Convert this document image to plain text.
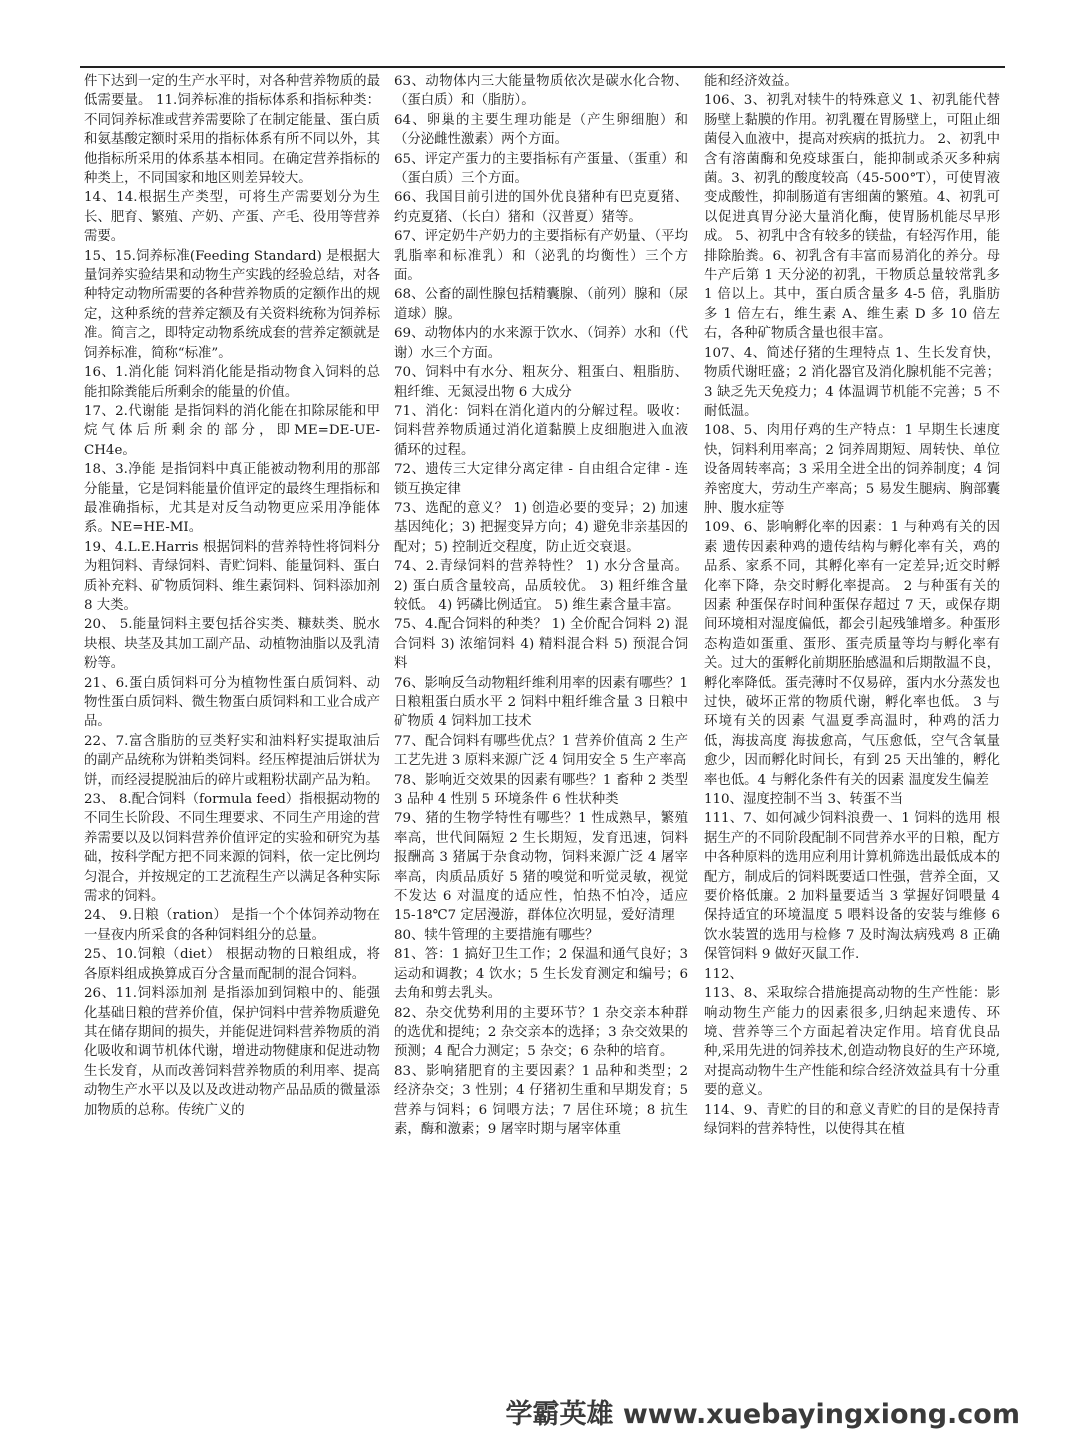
件下达到一定的生产水平时，对各种营养物质的最低需要量。 11.饲养标准的指标体系和指标种类：不同饲养标准或营养需要除了在制定能量、蛋白质和氨基酸定额时采用的指标体系有所不同以外，其他指标所采用的体系基本相同。在确定营养指标的种类上，不同国家和地区则差异较大。

14、14.根据生产类型，可将生产需要划分为生长、肥育、繁殖、产奶、产蛋、产毛、役用等营养需要。

15、15.饲养标准(Feeding Standard) 是根据大量饲养实验结果和动物生产实践的经验总结，对各种特定动物所需要的各种营养物质的定额作出的规定，这种系统的营养定额及有关资料统称为饲养标准。简言之，即特定动物系统成套的营养定额就是饲养标准，简称“标准”。

16、1.消化能 饲料消化能是指动物食入饲料的总能扣除粪能后所剩余的能量的价值。

17、2.代谢能 是指饲料的消化能在扣除尿能和甲烷气体后所剩余的部分，即ME=DE-UE-CH4e。

18、3.净能 是指饲料中真正能被动物利用的那部分能量，它是饲料能量价值评定的最终生理指标和最准确指标，尤其是对反刍动物更应采用净能体系。NE=HE-MI。

19、4.L.E.Harris 根据饲料的营养特性将饲料分为粗饲料、青绿饲料、青贮饲料、能量饲料、蛋白质补充料、矿物质饲料、维生素饲料、饲料添加剂 8 大类。

20、 5.能量饲料主要包括谷实类、糠麸类、脱水块根、块茎及其加工副产品、动植物油脂以及乳清粉等。

21、6.蛋白质饲料可分为植物性蛋白质饲料、动物性蛋白质饲料、微生物蛋白质饲料和工业合成产品。

22、7.富含脂肪的豆类籽实和油料籽实提取油后的副产品统称为饼粕类饲料。经压榨提油后饼状为饼，而经浸提脱油后的碎片或粗粉状副产品为粕。

23、 8.配合饲料（formula feed）指根据动物的不同生长阶段、不同生理要求、不同生产用途的营养需要以及以饲料营养价值评定的实验和研究为基础，按科学配方把不同来源的饲料，依一定比例均匀混合，并按规定的工艺流程生产以满足各种实际需求的饲料。

24、 9.日粮（ration） 是指一个个体饲养动物在一昼夜内所采食的各种饲料组分的总量。

25、10.饲粮（diet） 根据动物的日粮组成，将各原料组成换算成百分含量而配制的混合饲料。

26、11.饲料添加剂 是指添加到饲粮中的、能强化基础日粮的营养价值，保护饲料中营养物质避免其在储存期间的损失，并能促进饲料营养物质的消化吸收和调节机体代谢，增进动物健康和促进动物生长发育，从而改善饲料营养物质的利用率、提高动物生产水平以及以及改进动物产品品质的微量添加物质的总称。传统广义的

63、动物体内三大能量物质依次是碳水化合物、（蛋白质）和（脂肪）。

64、卵巢的主要生理功能是（产生卵细胞）和（分泌雌性激素）两个方面。

65、评定产蛋力的主要指标有产蛋量、（蛋重）和（蛋白质）三个方面。

66、我国目前引进的国外优良猪种有巴克夏猪、约克夏猪、（长白）猪和（汉普夏）猪等。

67、评定奶牛产奶力的主要指标有产奶量、（平均乳脂率和标准乳）和（泌乳的均衡性）三个方面。

68、公畜的副性腺包括精囊腺、（前列）腺和（尿道球）腺。

69、动物体内的水来源于饮水、（饲养）水和（代谢）水三个方面。

70、饲料中有水分、粗灰分、粗蛋白、粗脂肪、粗纤维、无氮浸出物 6 大成分

71、消化：饲料在消化道内的分解过程。吸收：饲料营养物质通过消化道黏膜上皮细胞进入血液循环的过程。

72、遗传三大定律分离定律 - 自由组合定律 - 连锁互换定律

73、选配的意义？ 1) 创造必要的变异；2) 加速基因纯化；3) 把握变异方向；4) 避免非亲基因的配对；5) 控制近交程度，防止近交衰退。

74、2.青绿饲料的营养特性？ 1) 水分含量高。 2) 蛋白质含量较高，品质较优。 3) 粗纤维含量较低。 4) 钙磷比例适宜。 5) 维生素含量丰富。

75、4.配合饲料的种类？ 1) 全价配合饲料 2) 混合饲料 3) 浓缩饲料 4) 精料混合料 5) 预混合饲料

76、影响反刍动物粗纤维利用率的因素有哪些？1 日粮粗蛋白质水平 2 饲料中粗纤维含量 3 日粮中矿物质 4 饲料加工技术

77、配合饲料有哪些优点？1 营养价值高 2 生产工艺先进 3 原料来源广泛 4 饲用安全 5 生产率高

78、影响近交效果的因素有哪些？1 畜种 2 类型 3 品种 4 性别 5 环境条件 6 性状种类

79、猪的生物学特性有哪些？1 性成熟早，繁殖率高，世代间隔短 2 生长期短，发育迅速，饲料报酬高 3 猪属于杂食动物，饲料来源广泛 4 屠宰率高，肉质品质好 5 猪的嗅觉和听觉灵敏，视觉不发达 6 对温度的适应性，怕热不怕冷，适应 15-18℃7 定居漫游，群体位次明显，爱好清理

80、犊牛管理的主要措施有哪些？

81、答：1 搞好卫生工作；2 保温和通气良好；3 运动和调教；4 饮水；5 生长发育测定和编号；6 去角和剪去乳头。

82、杂交优势利用的主要环节？1 杂交亲本种群的选优和提纯；2 杂交亲本的选择；3 杂交效果的预测；4 配合力测定；5 杂交；6 杂种的培育。

83、影响猪肥育的主要因素？1 品种和类型；2 经济杂交；3 性别；4 仔猪初生重和早期发育；5 营养与饲料；6 饲喂方法；7 居住环境；8 抗生素，酶和激素；9 屠宰时期与屠宰体重

能和经济效益。

106、3、初乳对犊牛的特殊意义 1、初乳能代替肠壁上黏膜的作用。初乳覆在胃肠壁上，可阻止细菌侵入血液中，提高对疾病的抵抗力。 2、初乳中含有溶菌酶和免疫球蛋白，能抑制或杀灭多种病菌。3、初乳的酸度较高（45-500°T），可使胃液变成酸性，抑制肠道有害细菌的繁殖。4、初乳可以促进真胃分泌大量消化酶，使胃肠机能尽早形成。 5、初乳中含有较多的镁盐，有轻泻作用，能排除胎粪。6、初乳含有丰富而易消化的养分。母牛产后第 1 天分泌的初乳，干物质总量较常乳多 1 倍以上。其中，蛋白质含量多 4-5 倍，乳脂肪多 1 倍左右，维生素 A、维生素 D 多 10 倍左右，各种矿物质含量也很丰富。

107、4、简述仔猪的生理特点 1、生长发育快，物质代谢旺盛；2 消化器官及消化腺机能不完善；3 缺乏先天免疫力；4 体温调节机能不完善；5 不耐低温。

108、5、肉用仔鸡的生产特点：1 早期生长速度快，饲料利用率高；2 饲养周期短、周转快、单位设备周转率高；3 采用全进全出的饲养制度；4 饲养密度大，劳动生产率高；5 易发生腿病、胸部囊肿、腹水症等

109、6、影响孵化率的因素：1 与种鸡有关的因素 遗传因素种鸡的遗传结构与孵化率有关，鸡的品系、家系不同，其孵化率有一定差异;近交时孵化率下降，杂交时孵化率提高。 2 与种蛋有关的因素 种蛋保存时间种蛋保存超过 7 天，或保存期间环境相对湿度偏低，都会引起残雏增多。种蛋形态构造如蛋重、蛋形、蛋壳质量等均与孵化率有关。过大的蛋孵化前期胚胎感温和后期散温不良，孵化率降低。蛋壳薄时不仅易碎，蛋内水分蒸发也过快，破坏正常的物质代谢，孵化率也低。 3 与环境有关的因素 气温夏季高温时，种鸡的活力低，海拔高度 海拔愈高，气压愈低，空气含氧量愈少，因而孵化时间长，有到 25 天出雏的，孵化率也低。4 与孵化条件有关的因素 温度发生偏差

110、湿度控制不当 3、转蛋不当

111、7、如何减少饲料浪费一、1 饲料的选用 根据生产的不同阶段配制不同营养水平的日粮，配方中各种原料的选用应利用计算机筛选出最低成本的配方，制成后的饲料既要适口性强，营养全面，又要价格低廉。2 加料量要适当 3 掌握好饲喂量 4 保持适宜的环境温度 5 喂料设备的安装与维修 6 饮水装置的选用与检修 7 及时淘汰病残鸡 8 正确保管饲料 9 做好灭鼠工作.

112、

113、8、采取综合措施提高动物的生产性能：影响动物生产能力的因素很多,归纳起来遗传、环境、营养等三个方面起着决定作用。培育优良品种,采用先进的饲养技术,创造动物良好的生产环境,对提高动物牛生产性能和综合经济效益具有十分重要的意义。

114、9、青贮的目的和意义青贮的目的是保持青绿饲料的营养特性，以使得其在植

学霸英雄 www.xuebayingxiong.com
